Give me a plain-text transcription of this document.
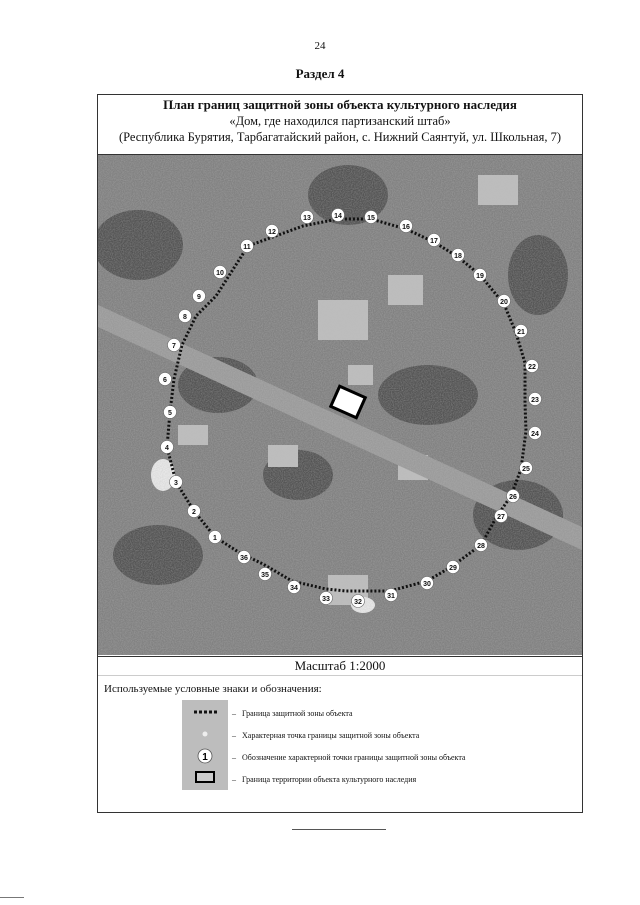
24
Раздел 4
План границ защитной зоны объекта культурного наследия
«Дом, где находился партизанский штаб»
(Республика Бурятия, Тарбагатайский район, с. Нижний Саянтуй, ул. Школьная, 7)
1
2
3
4
5
6
7
8
9
10
11
12
13	14	15
16
17
18
19
20
21
22
23
24
25
26
27
28
29
30
31
32
33
34
35
36
Масштаб 1:2000
Используемые условные знаки и обозначения:
1
– Граница защитной зоны объекта
– Характерная точка границы защитной зоны объекта
– Обозначение характерной точки границы защитной зоны объекта
– Граница территории объекта культурного наследия
